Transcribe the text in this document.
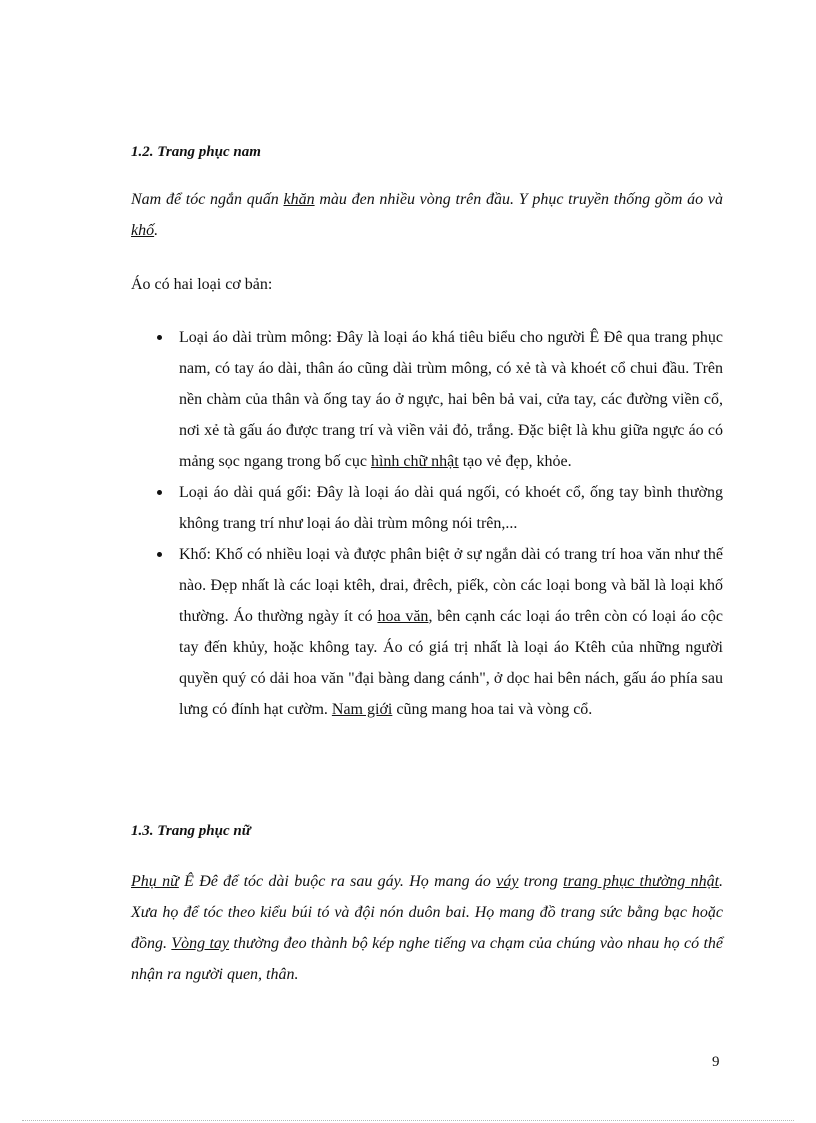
1.2. Trang phục nam

Nam để tóc ngắn quấn khăn màu đen nhiều vòng trên đầu. Y phục truyền thống gồm áo và khố.

Áo có hai loại cơ bản:
Loại áo dài trùm mông: Đây là loại áo khá tiêu biểu cho người Ê Đê qua trang phục nam, có tay áo dài, thân áo cũng dài trùm mông, có xẻ tà và khoét cổ chui đầu. Trên nền chàm của thân và ống tay áo ở ngực, hai bên bả vai, cửa tay, các đường viền cổ, nơi xẻ tà gấu áo được trang trí và viền vải đỏ, trắng. Đặc biệt là khu giữa ngực áo có mảng sọc ngang trong bố cục hình chữ nhật tạo vẻ đẹp, khỏe.
Loại áo dài quá gối: Đây là loại áo dài quá ngối, có khoét cổ, ống tay bình thường không trang trí như loại áo dài trùm mông nói trên,...
Khố: Khố có nhiều loại và được phân biệt ở sự ngắn dài có trang trí hoa văn như thế nào. Đẹp nhất là các loại ktêh, drai, đrêch, piếk, còn các loại bong và băl là loại khố thường. Áo thường ngày ít có hoa văn, bên cạnh các loại áo trên còn có loại áo cộc tay đến khủy, hoặc không tay. Áo có giá trị nhất là loại áo Ktêh của những người quyền quý có dải hoa văn "đại bàng dang cánh", ở dọc hai bên nách, gấu áo phía sau lưng có đính hạt cườm. Nam giới cũng mang hoa tai và vòng cổ.
1.3. Trang phục nữ

Phụ nữ Ê Đê để tóc dài buộc ra sau gáy. Họ mang áo váy trong trang phục thường nhật. Xưa họ để tóc theo kiểu búi tó và đội nón duôn bai. Họ mang đồ trang sức bằng bạc hoặc đồng. Vòng tay thường đeo thành bộ kép nghe tiếng va chạm của chúng vào nhau họ có thể nhận ra người quen, thân.

9
